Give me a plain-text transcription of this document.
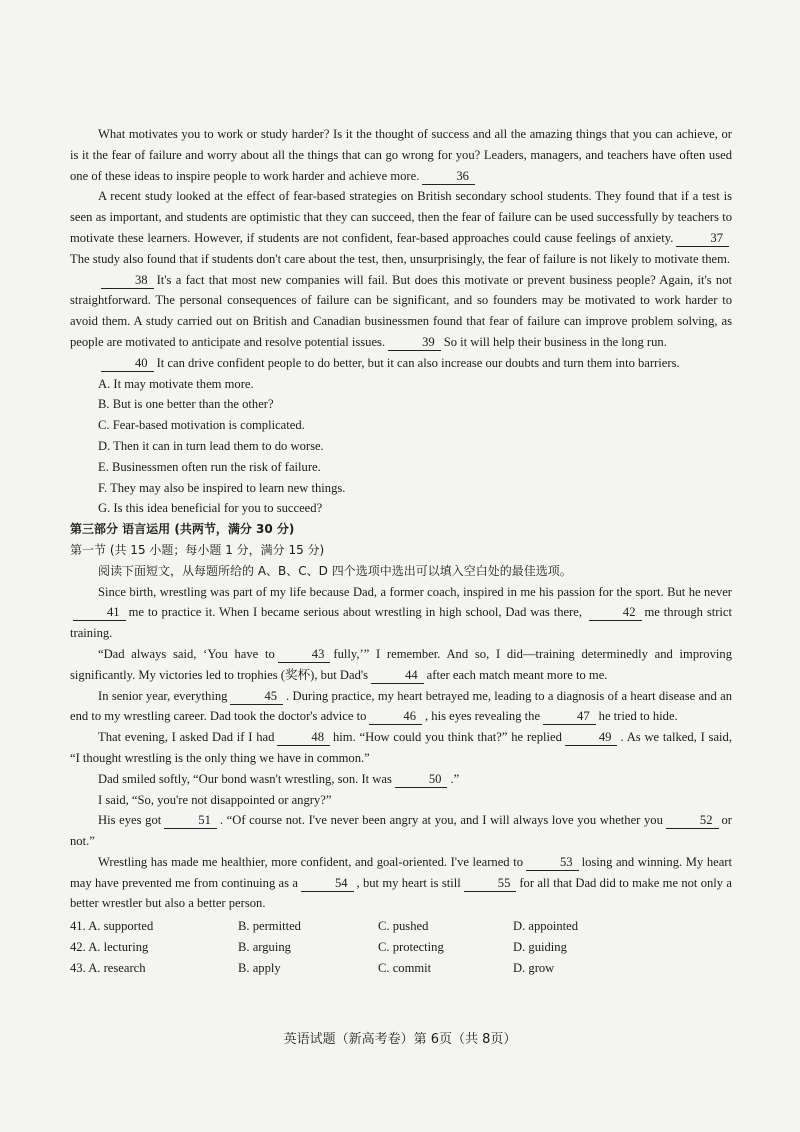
What motivates you to work or study harder? Is it the thought of success and all the amazing things that you can achieve, or is it the fear of failure and worry about all the things that can go wrong for you? Leaders, managers, and teachers have often used one of these ideas to inspire people to work harder and achieve more.	36

A recent study looked at the effect of fear-based strategies on British secondary school students. They found that if a test is seen as important, and students are optimistic that they can succeed, then the fear of failure can be used successfully by teachers to motivate these learners. However, if students are not confident, fear-based approaches could cause feelings of anxiety.	37The study also found that if students don't care about the test, then, unsurprisingly, the fear of failure is not likely to motivate them.

38 It's a fact that most new companies will fail. But does this motivate or prevent business people? Again, it's not straightforward. The personal consequences of failure can be significant, and so founders may be motivated to work harder to avoid them. A study carried out on British and Canadian businessmen found that fear of failure can improve problem solving, as people are motivated to anticipate and resolve potential issues.	39 So it will help their business in the long run.

40 It can drive confident people to do better, but it can also increase our doubts and turn them into barriers.

A. It may motivate them more.

B. But is one better than the other?

C. Fear-based motivation is complicated.

D. Then it can in turn lead them to do worse.

E. Businessmen often run the risk of failure.

F. They may also be inspired to learn new things.

G. Is this idea beneficial for you to succeed?

第三部分 语言运用 (共两节，满分 30 分)

第一节 (共 15 小题；每小题 1 分，满分 15 分)

阅读下面短文，从每题所给的 A、B、C、D 四个选项中选出可以填入空白处的最佳选项。

Since birth, wrestling was part of my life because Dad, a former coach, inspired in me his passion for the sport. But he never41 me to practice it. When I became serious about wrestling in high school, Dad was there,	42 me through strict training.

“Dad always said, ‘You have to	43 fully,’” I remember. And so, I did—training determinedly and improving significantly. My victories led to trophies (奖杯), but Dad's	44 after each match meant more to me.

In senior year, everything	45 . During practice, my heart betrayed me, leading to a diagnosis of a heart disease and an end to my wrestling career. Dad took the doctor's advice to	46 , his eyes revealing the	47 he tried to hide.

That evening, I asked Dad if I had	48 him. “How could you think that?” he replied	49 . As we talked, I said, “I thought wrestling is the only thing we have in common.”

Dad smiled softly, “Our bond wasn't wrestling, son. It was	50 .”

I said, “So, you're not disappointed or angry?”

His eyes got	51 . “Of course not. I've never been angry at you, and I will always love you whether you	52 or not.”

Wrestling has made me healthier, more confident, and goal-oriented. I've learned to	53 losing and winning. My heart may have prevented me from continuing as a	54 , but my heart is still	55 for all that Dad did to make me not only a better wrestler but also a better person.

41. A. supported	B. permitted	C. pushed	D. appointed
42. A. lecturing	B. arguing	C. protecting	D. guiding
43. A. research	B. apply	C. commit	D. grow
英语试题（新高考卷）第 6页（共 8页）
